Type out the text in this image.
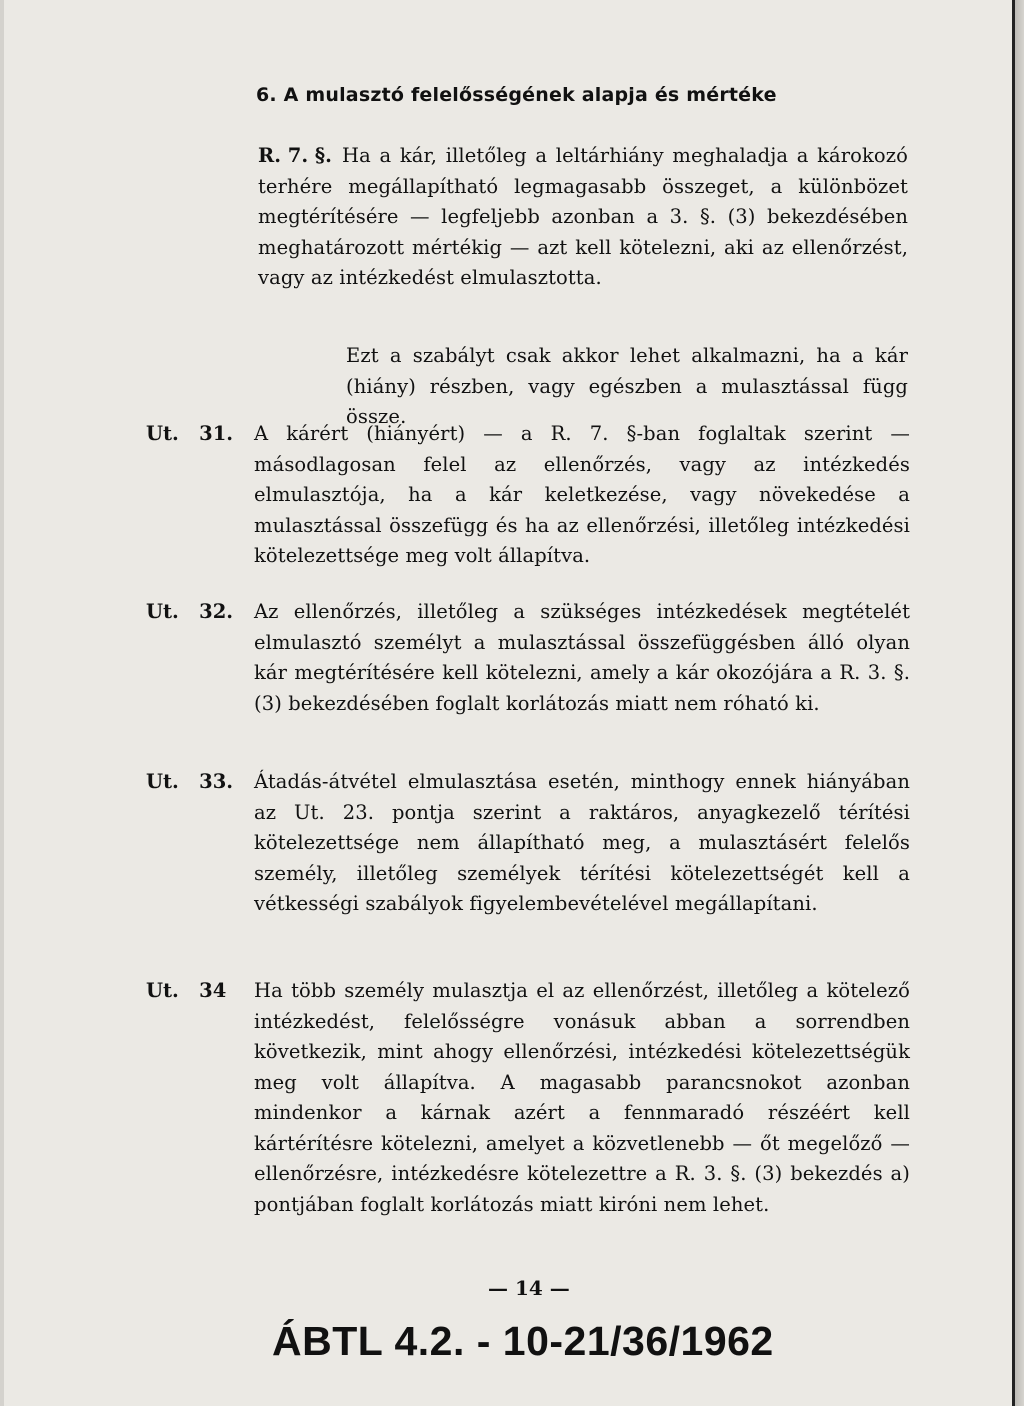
6. A mulasztó felelősségének alapja és mértéke
R. 7. §. Ha a kár, illetőleg a leltárhiány meghaladja a károkozó terhére megállapítható legmagasabb összeget, a különbözet megtérítésére — legfeljebb azonban a 3. §. (3) bekezdésében meghatározott mértékig — azt kell kötelezni, aki az ellenőrzést, vagy az intézkedést elmulasztotta.
Ezt a szabályt csak akkor lehet alkalmazni, ha a kár (hiány) részben, vagy egészben a mulasztással függ össze.
Ut.   31. A kárért (hiányért) — a R. 7. §-ban foglaltak szerint — másodlagosan felel az ellenőrzés, vagy az intézkedés elmulasztója, ha a kár keletkezése, vagy növekedése a mulasztással összefügg és ha az ellenőrzési, illetőleg intézkedési kötelezettsége meg volt állapítva.
Ut.   32. Az ellenőrzés, illetőleg a szükséges intézkedések megtételét elmulasztó személyt a mulasztással összefüggésben álló olyan kár megtérítésére kell kötelezni, amely a kár okozójára a R. 3. §. (3) bekezdésében foglalt korlátozás miatt nem róható ki.
Ut.   33. Átadás-átvétel elmulasztása esetén, minthogy ennek hiányában az Ut. 23. pontja szerint a raktáros, anyagkezelő térítési kötelezettsége nem állapítható meg, a mulasztásért felelős személy, illetőleg személyek térítési kötelezettségét kell a vétkességi szabályok figyelembevételével megállapítani.
Ut.   34 Ha több személy mulasztja el az ellenőrzést, illetőleg a kötelező intézkedést, felelősségre vonásuk abban a sorrendben következik, mint ahogy ellenőrzési, intézkedési kötelezettségük meg volt állapítva. A magasabb parancsnokot azonban mindenkor a kárnak azért a fennmaradó részéért kell kártérítésre kötelezni, amelyet a közvetlenebb — őt megelőző — ellenőrzésre, intézkedésre kötelezettre a R. 3. §. (3) bekezdés a) pontjában foglalt korlátozás miatt kiróni nem lehet.
— 14 —
ÁBTL 4.2. - 10-21/36/1962
